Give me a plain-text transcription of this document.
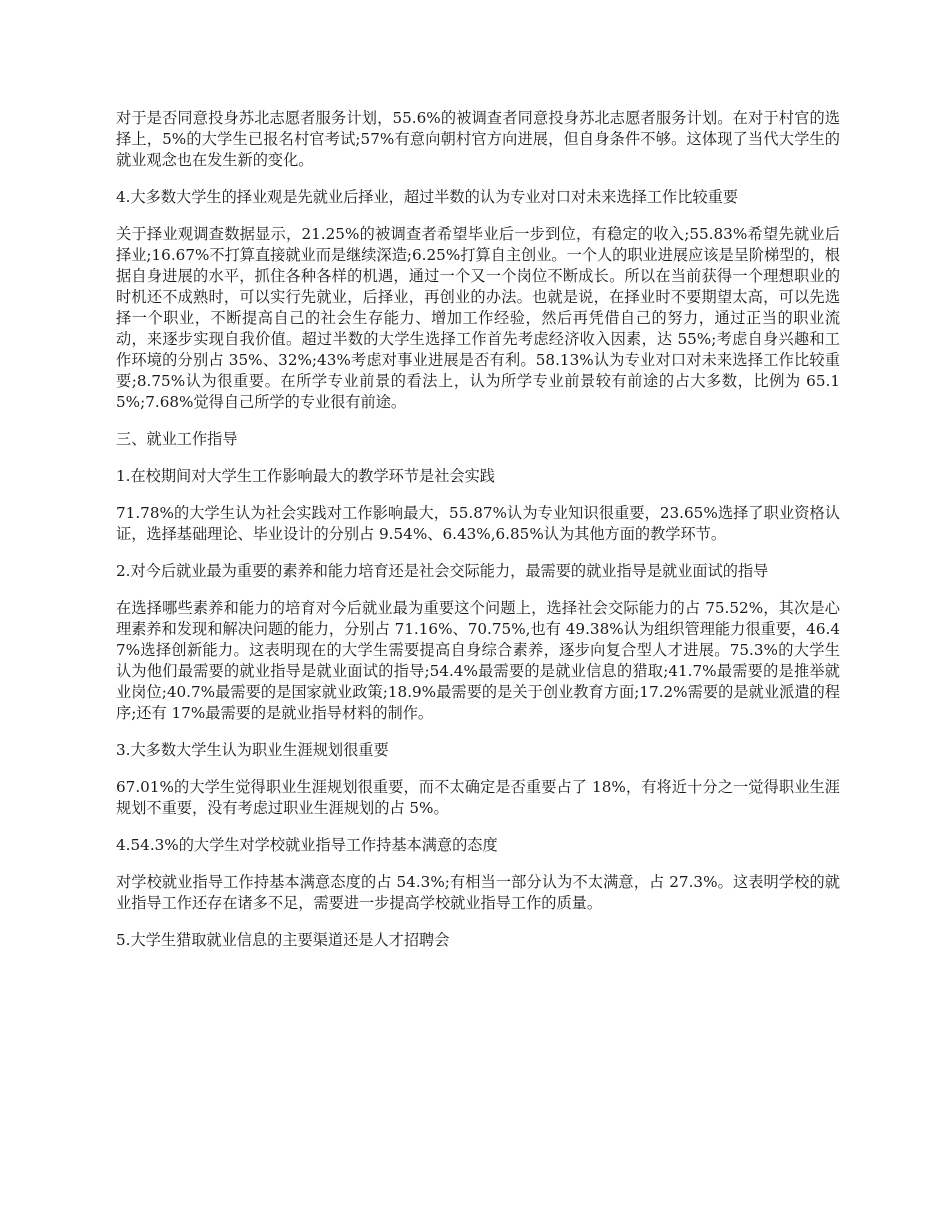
对于是否同意投身苏北志愿者服务计划，55.6%的被调查者同意投身苏北志愿者服务计划。在对于村官的选择上，5%的大学生已报名村官考试;57%有意向朝村官方向进展，但自身条件不够。这体现了当代大学生的就业观念也在发生新的变化。

4.大多数大学生的择业观是先就业后择业，超过半数的认为专业对口对未来选择工作比较重要

关于择业观调查数据显示，21.25%的被调查者希望毕业后一步到位，有稳定的收入;55.83%希望先就业后择业;16.67%不打算直接就业而是继续深造;6.25%打算自主创业。一个人的职业进展应该是呈阶梯型的，根据自身进展的水平，抓住各种各样的机遇，通过一个又一个岗位不断成长。所以在当前获得一个理想职业的时机还不成熟时，可以实行先就业，后择业，再创业的办法。也就是说，在择业时不要期望太高，可以先选择一个职业，不断提高自己的社会生存能力、增加工作经验，然后再凭借自己的努力，通过正当的职业流动，来逐步实现自我价值。超过半数的大学生选择工作首先考虑经济收入因素，达 55%;考虑自身兴趣和工作环境的分别占 35%、32%;43%考虑对事业进展是否有利。58.13%认为专业对口对未来选择工作比较重要;8.75%认为很重要。在所学专业前景的看法上，认为所学专业前景较有前途的占大多数，比例为 65.15%;7.68%觉得自己所学的专业很有前途。

三、就业工作指导

1.在校期间对大学生工作影响最大的教学环节是社会实践

71.78%的大学生认为社会实践对工作影响最大，55.87%认为专业知识很重要，23.65%选择了职业资格认证，选择基础理论、毕业设计的分别占 9.54%、6.43%,6.85%认为其他方面的教学环节。

2.对今后就业最为重要的素养和能力培育还是社会交际能力，最需要的就业指导是就业面试的指导

在选择哪些素养和能力的培育对今后就业最为重要这个问题上，选择社会交际能力的占 75.52%，其次是心理素养和发现和解决问题的能力，分别占 71.16%、70.75%,也有 49.38%认为组织管理能力很重要，46.47%选择创新能力。这表明现在的大学生需要提高自身综合素养，逐步向复合型人才进展。75.3%的大学生认为他们最需要的就业指导是就业面试的指导;54.4%最需要的是就业信息的猎取;41.7%最需要的是推举就业岗位;40.7%最需要的是国家就业政策;18.9%最需要的是关于创业教育方面;17.2%需要的是就业派遣的程序;还有 17%最需要的是就业指导材料的制作。

3.大多数大学生认为职业生涯规划很重要

67.01%的大学生觉得职业生涯规划很重要，而不太确定是否重要占了 18%，有将近十分之一觉得职业生涯规划不重要，没有考虑过职业生涯规划的占 5%。

4.54.3%的大学生对学校就业指导工作持基本满意的态度

对学校就业指导工作持基本满意态度的占 54.3%;有相当一部分认为不太满意，占 27.3%。这表明学校的就业指导工作还存在诸多不足，需要进一步提高学校就业指导工作的质量。

5.大学生猎取就业信息的主要渠道还是人才招聘会
